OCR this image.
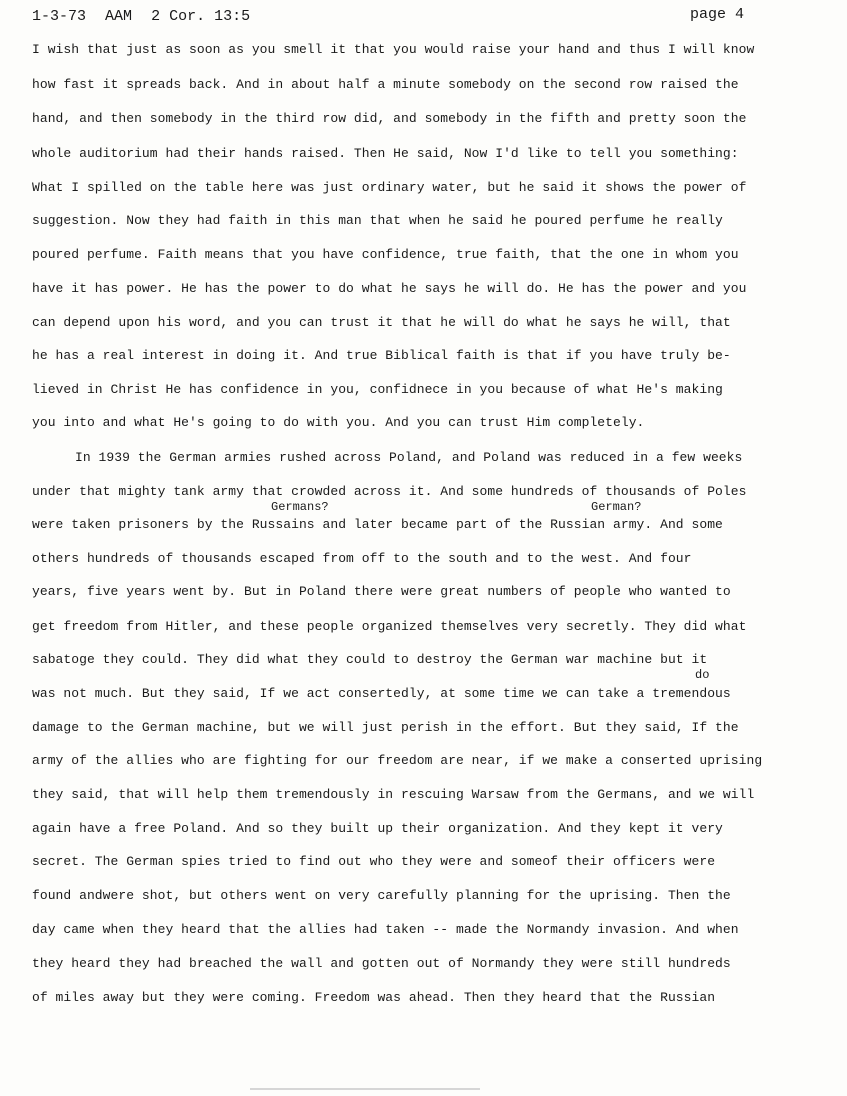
1-3-73 AAM 2 Cor. 13:5	page 4
I wish that just as soon as you smell it that you would raise your hand and thus I will know
how fast it spreads back. And in about half a minute somebody on the second row raised the
hand, and then somebody in the third row did, and somebody in the fifth and pretty soon the
whole auditorium had their hands raised. Then He said, Now I'd like to tell you something:
What I spilled on the table here was just ordinary water, but he said it shows the power of
suggestion. Now they had faith in this man that when he said he poured perfume he really
poured perfume. Faith means that you have confidence, true faith, that the one in whom you
have it has power. He has the power to do what he says he will do. He has the power and you
can depend upon his word, and you can trust it that he will do what he says he will, that
he has a real interest in doing it. And true Biblical faith is that if you have truly be-
lieved in Christ He has confidence in you, confidnece in you because of what He's making
you into and what He's going to do with you. And you can trust Him completely.
In 1939 the German armies rushed across Poland, and Poland was reduced in a few weeks
under that mighty tank army that crowded across it. And some hundreds of thousands of Poles
Germans?	German?
were taken prisoners by the Russains and later became part of the Russian army. And some
others hundreds of thousands escaped from off to the south and to the west. And four
years, five years went by. But in Poland there were great numbers of people who wanted to
get freedom from Hitler, and these people organized themselves very secretly. They did what
sabatoge they could. They did what they could to destroy the German war machine but it
do
was not much. But they said, If we act consertedly, at some time we can take a tremendous
damage to the German machine, but we will just perish in the effort. But they said, If the
army of the allies who are fighting for our freedom are near, if we make a conserted uprising
they said, that will help them tremendously in rescuing Warsaw from the Germans, and we will
again have a free Poland. And so they built up their organization. And they kept it very
secret. The German spies tried to find out who they were and someof their officers were
found andwere shot, but others went on very carefully planning for the uprising. Then the
day came when they heard that the allies had taken -- made the Normandy invasion. And when
they heard they had breached the wall and gotten out of Normandy they were still hundreds
of miles away but they were coming. Freedom was ahead. Then they heard that the Russian
